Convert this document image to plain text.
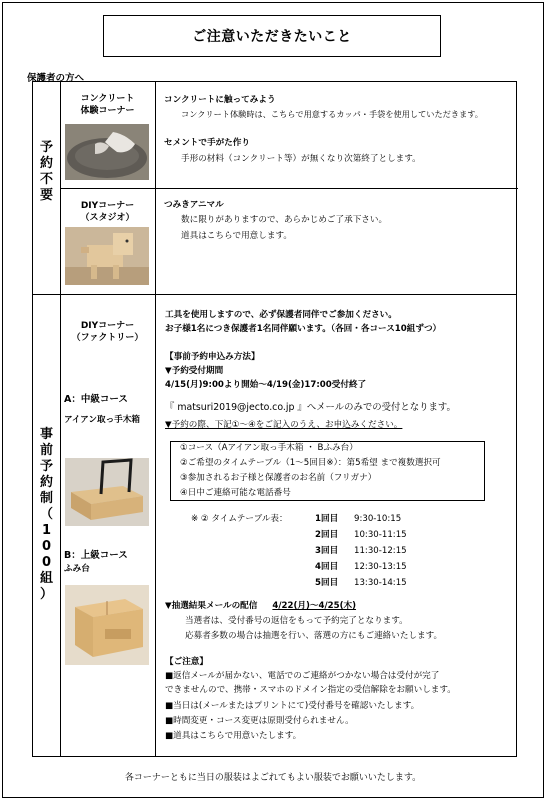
ご注意いただきたいこと
保護者の方へ
予
約
不
要
コンクリート
体験コーナー
DIYコーナー
（スタジオ）
事
前
予
約
制
（
1
0
0
組
）
DIYコーナー
（ファクトリー）
A：中級コース
アイアン取っ手木箱
B：上級コース
ふみ台
コンクリートに触ってみよう
コンクリート体験時は、こちらで用意するカッパ・手袋を使用していただきます。
セメントで手がた作り
手形の材料（コンクリート等）が無くなり次第終了とします。
つみきアニマル
数に限りがありますので、あらかじめご了承下さい。
道具はこちらで用意します。
工具を使用しますので、必ず保護者同伴でご参加ください。
お子様1名につき保護者1名同伴願います。（各回・各コース10組ずつ）
【事前予約申込み方法】
▼予約受付期間
4/15(月)9:00より開始～4/19(金)17:00受付終了
『 matsuri2019@jecto.co.jp 』へメールのみでの受付となります。
▼予約の際、下記①～④をご記入のうえ、お申込みください。
①コース（Aアイアン取っ手木箱 ・ Bふみ台）
②ご希望のタイムテーブル（1～5回目※）：第5希望 まで複数選択可
③参加されるお子様と保護者のお名前（フリガナ）
④日中ご連絡可能な電話番号
※ ② タイムテーブル表：	1回目 9:30-10:15
2回目 10:30-11:15
3回目 11:30-12:15
4回目 12:30-13:15
5回目 13:30-14:15
▼抽選結果メールの配信 4/22(月)～4/25(木)
当選者は、受付番号の返信をもって予約完了となります。
応募者多数の場合は抽選を行い、落選の方にもご連絡いたします。
【ご注意】
■返信メールが届かない、電話でのご連絡がつかない場合は受付が完了
できませんので、携帯・スマホのドメイン指定の受信解除をお願いします。
■当日は(メールまたはプリントにて)受付番号を確認いたします。
■時間変更・コース変更は原則受付られません。
■道具はこちらで用意いたします。
各コーナーともに当日の服装はよごれてもよい服装でお願いいたします。
